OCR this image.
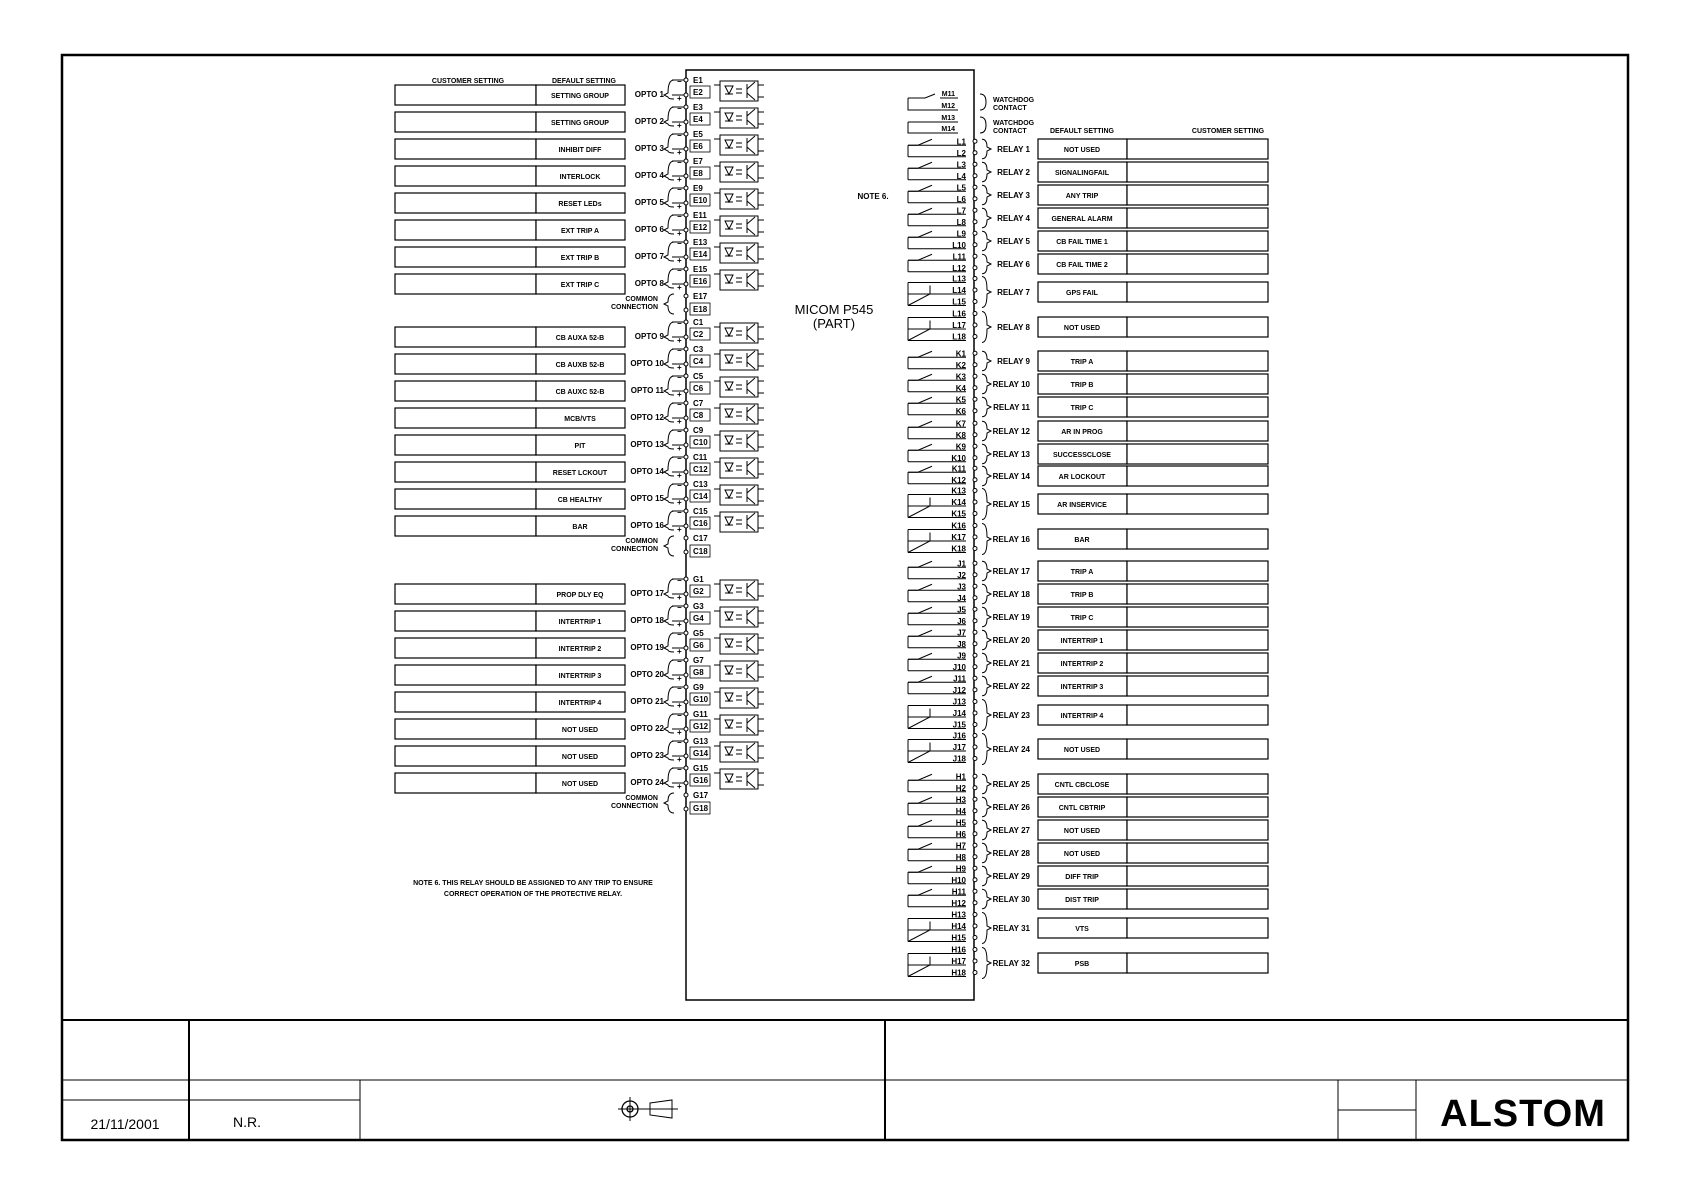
CUSTOMER SETTING	DEFAULT SETTING
DEFAULT SETTING	CUSTOMER SETTING
MICOM P545
(PART)
NOTE 6.
NOTE 6. THIS RELAY SHOULD BE ASSIGNED TO ANY TRIP TO ENSURE
CORRECT OPERATION OF THE PROTECTIVE RELAY.
M11
M12
WATCHDOG
CONTACT
M13
M14
WATCHDOG
CONTACT
SETTING GROUP	OPTO 1
−
+
E1
E2
SETTING GROUP	OPTO 2
−
+
E3
E4
INHIBIT DIFF	OPTO 3
−
+
E5
E6
INTERLOCK	OPTO 4
−
+
E7
E8
RESET LEDs	OPTO 5
−
+
E9
E10
EXT TRIP A	OPTO 6
−
+
E11
E12
EXT TRIP B	OPTO 7
−
+
E13
E14
EXT TRIP C	OPTO 8
−
+
E15
E16
E17
E18
COMMON
CONNECTION
CB AUXA 52-B	OPTO 9
−
+
C1
C2
CB AUXB 52-B	OPTO 10
−
+
C3
C4
CB AUXC 52-B	OPTO 11
−
+
C5
C6
MCB/VTS	OPTO 12
−
+
C7
C8
PIT	OPTO 13
−
+
C9
C10
RESET LCKOUT	OPTO 14
−
+
C11
C12
CB HEALTHY	OPTO 15
−
+
C13
C14
BAR	OPTO 16
−
+
C15
C16
C17
C18
COMMON
CONNECTION
PROP DLY EQ	OPTO 17
−
+
G1
G2
INTERTRIP 1	OPTO 18
−
+
G3
G4
INTERTRIP 2	OPTO 19
−
+
G5
G6
INTERTRIP 3	OPTO 20
−
+
G7
G8
INTERTRIP 4	OPTO 21
−
+
G9
G10
NOT USED	OPTO 22
−
+
G11
G12
NOT USED	OPTO 23
−
+
G13
G14
NOT USED	OPTO 24
−
+
G15
G16
G17
G18
COMMON
CONNECTION
L1
L2	RELAY 1	NOT USED
L3
L4	RELAY 2	SIGNALINGFAIL
L5
L6	RELAY 3	ANY TRIP
L7
L8	RELAY 4	GENERAL ALARM
L9
L10	RELAY 5	CB FAIL TIME 1
L11
L12	RELAY 6	CB FAIL TIME 2
L13
L14
L15
RELAY 7	GPS FAIL
L16
L17
L18
RELAY 8	NOT USED
K1
K2	RELAY 9	TRIP A
K3
K4	RELAY 10	TRIP B
K5
K6	RELAY 11	TRIP C
K7
K8	RELAY 12	AR IN PROG
K9
K10	RELAY 13	SUCCESSCLOSE
K11
K12	RELAY 14	AR LOCKOUT
K13
K14
K15
RELAY 15	AR INSERVICE
K16
K17
K18
RELAY 16	BAR
J1
J2	RELAY 17	TRIP A
J3
J4	RELAY 18	TRIP B
J5
J6	RELAY 19	TRIP C
J7
J8	RELAY 20	INTERTRIP 1
J9
J10	RELAY 21	INTERTRIP 2
J11
J12	RELAY 22	INTERTRIP 3
J13
J14
J15
RELAY 23	INTERTRIP 4
J16
J17
J18
RELAY 24	NOT USED
H1
H2	RELAY 25	CNTL CBCLOSE
H3
H4	RELAY 26	CNTL CBTRIP
H5
H6	RELAY 27	NOT USED
H7
H8	RELAY 28	NOT USED
H9
H10	RELAY 29	DIFF TRIP
H11
H12	RELAY 30	DIST TRIP
H13
H14
H15
RELAY 31	VTS
H16
H17
H18
RELAY 32	PSB
21/11/2001	N.R.	ALSTOM
